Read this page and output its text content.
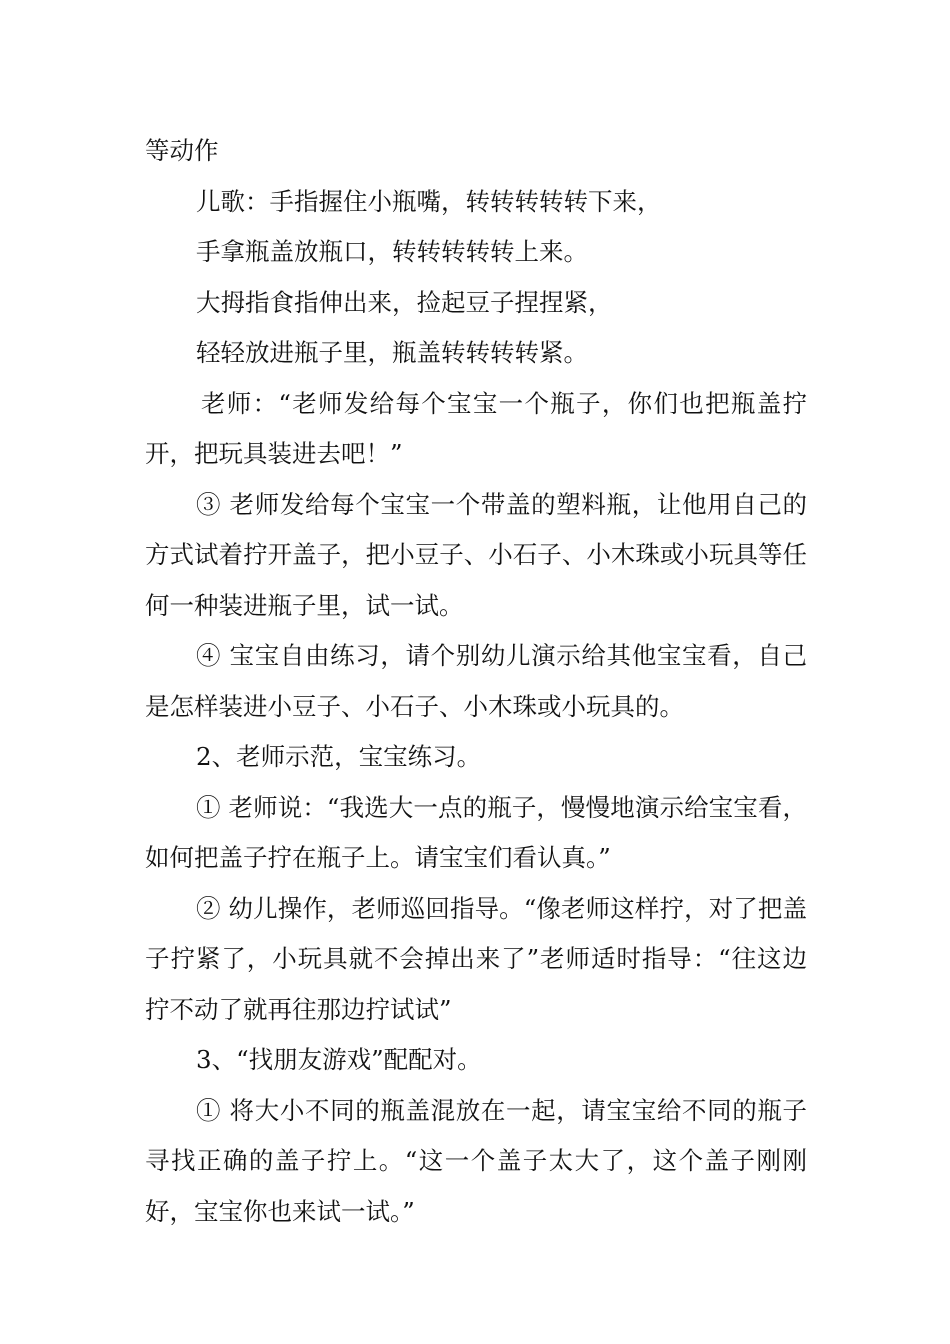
等动作

儿歌：手指握住小瓶嘴，转转转转转下来，

手拿瓶盖放瓶口，转转转转转上来。

大拇指食指伸出来，捡起豆子捏捏紧，

轻轻放进瓶子里，瓶盖转转转转紧。

老师：“老师发给每个宝宝一个瓶子，你们也把瓶盖拧开，把玩具装进去吧！”

③ 老师发给每个宝宝一个带盖的塑料瓶，让他用自己的方式试着拧开盖子，把小豆子、小石子、小木珠或小玩具等任何一种装进瓶子里，试一试。

④ 宝宝自由练习，请个别幼儿演示给其他宝宝看，自己是怎样装进小豆子、小石子、小木珠或小玩具的。

2、老师示范，宝宝练习。

① 老师说：“我选大一点的瓶子，慢慢地演示给宝宝看，如何把盖子拧在瓶子上。请宝宝们看认真。”

② 幼儿操作，老师巡回指导。“像老师这样拧，对了把盖子拧紧了，小玩具就不会掉出来了”老师适时指导：“往这边拧不动了就再往那边拧试试”

3、“找朋友游戏”配配对。

① 将大小不同的瓶盖混放在一起，请宝宝给不同的瓶子寻找正确的盖子拧上。“这一个盖子太大了，这个盖子刚刚好，宝宝你也来试一试。”
